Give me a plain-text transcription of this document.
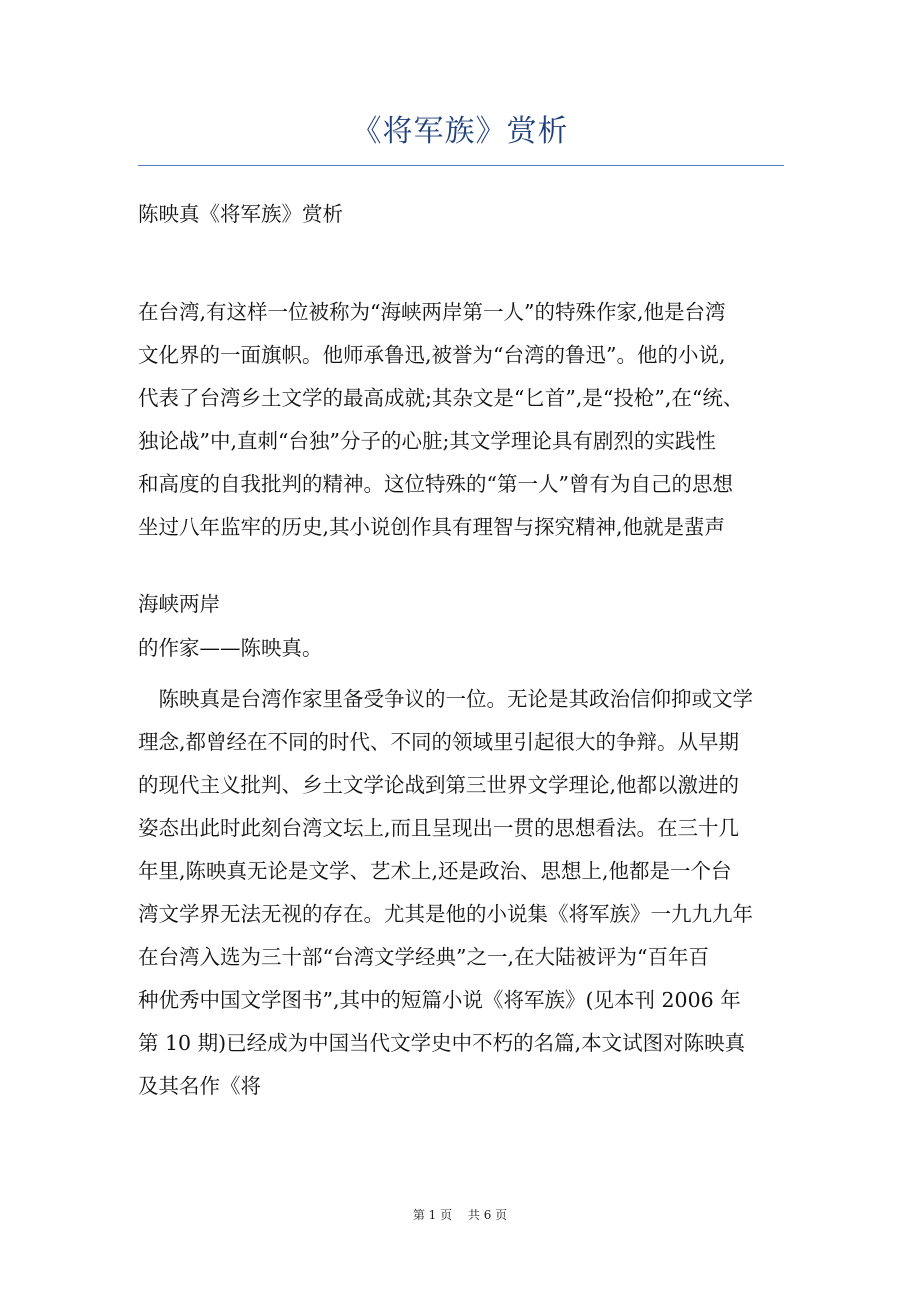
《将军族》赏析
陈映真《将军族》赏析
在台湾,有这样一位被称为“海峡两岸第一人”的特殊作家,他是台湾
文化界的一面旗帜。他师承鲁迅,被誉为“台湾的鲁迅”。他的小说,
代表了台湾乡土文学的最高成就;其杂文是“匕首”,是“投枪”,在“统、
独论战”中,直刺“台独”分子的心脏;其文学理论具有剧烈的实践性
和高度的自我批判的精神。这位特殊的“第一人”曾有为自己的思想
坐过八年监牢的历史,其小说创作具有理智与探究精神,他就是蜚声
海峡两岸
的作家——陈映真。
　陈映真是台湾作家里备受争议的一位。无论是其政治信仰抑或文学
理念,都曾经在不同的时代、不同的领域里引起很大的争辩。从早期
的现代主义批判、乡土文学论战到第三世界文学理论,他都以激进的
姿态出此时此刻台湾文坛上,而且呈现出一贯的思想看法。在三十几
年里,陈映真无论是文学、艺术上,还是政治、思想上,他都是一个台
湾文学界无法无视的存在。尤其是他的小说集《将军族》一九九九年
在台湾入选为三十部“台湾文学经典”之一,在大陆被评为“百年百
种优秀中国文学图书”,其中的短篇小说《将军族》(见本刊 2006 年
第 10 期)已经成为中国当代文学史中不朽的名篇,本文试图对陈映真
及其名作《将
第 1 页 共 6 页
